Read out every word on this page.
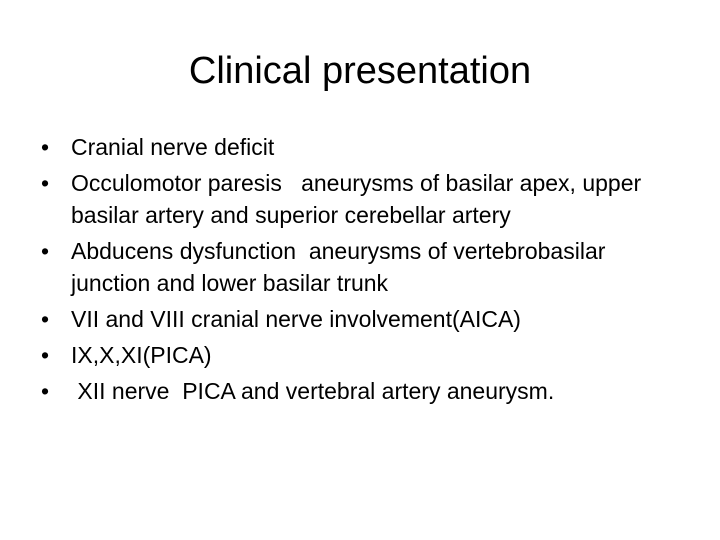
Clinical presentation
• Cranial nerve deficit
• Occulomotor paresis   aneurysms of basilar apex, upper basilar artery and superior cerebellar artery
• Abducens dysfunction  aneurysms of vertebrobasilar junction and lower basilar trunk
• VII and VIII cranial nerve involvement(AICA)
• IX,X,XI(PICA)
• XII nerve  PICA and vertebral artery aneurysm.
